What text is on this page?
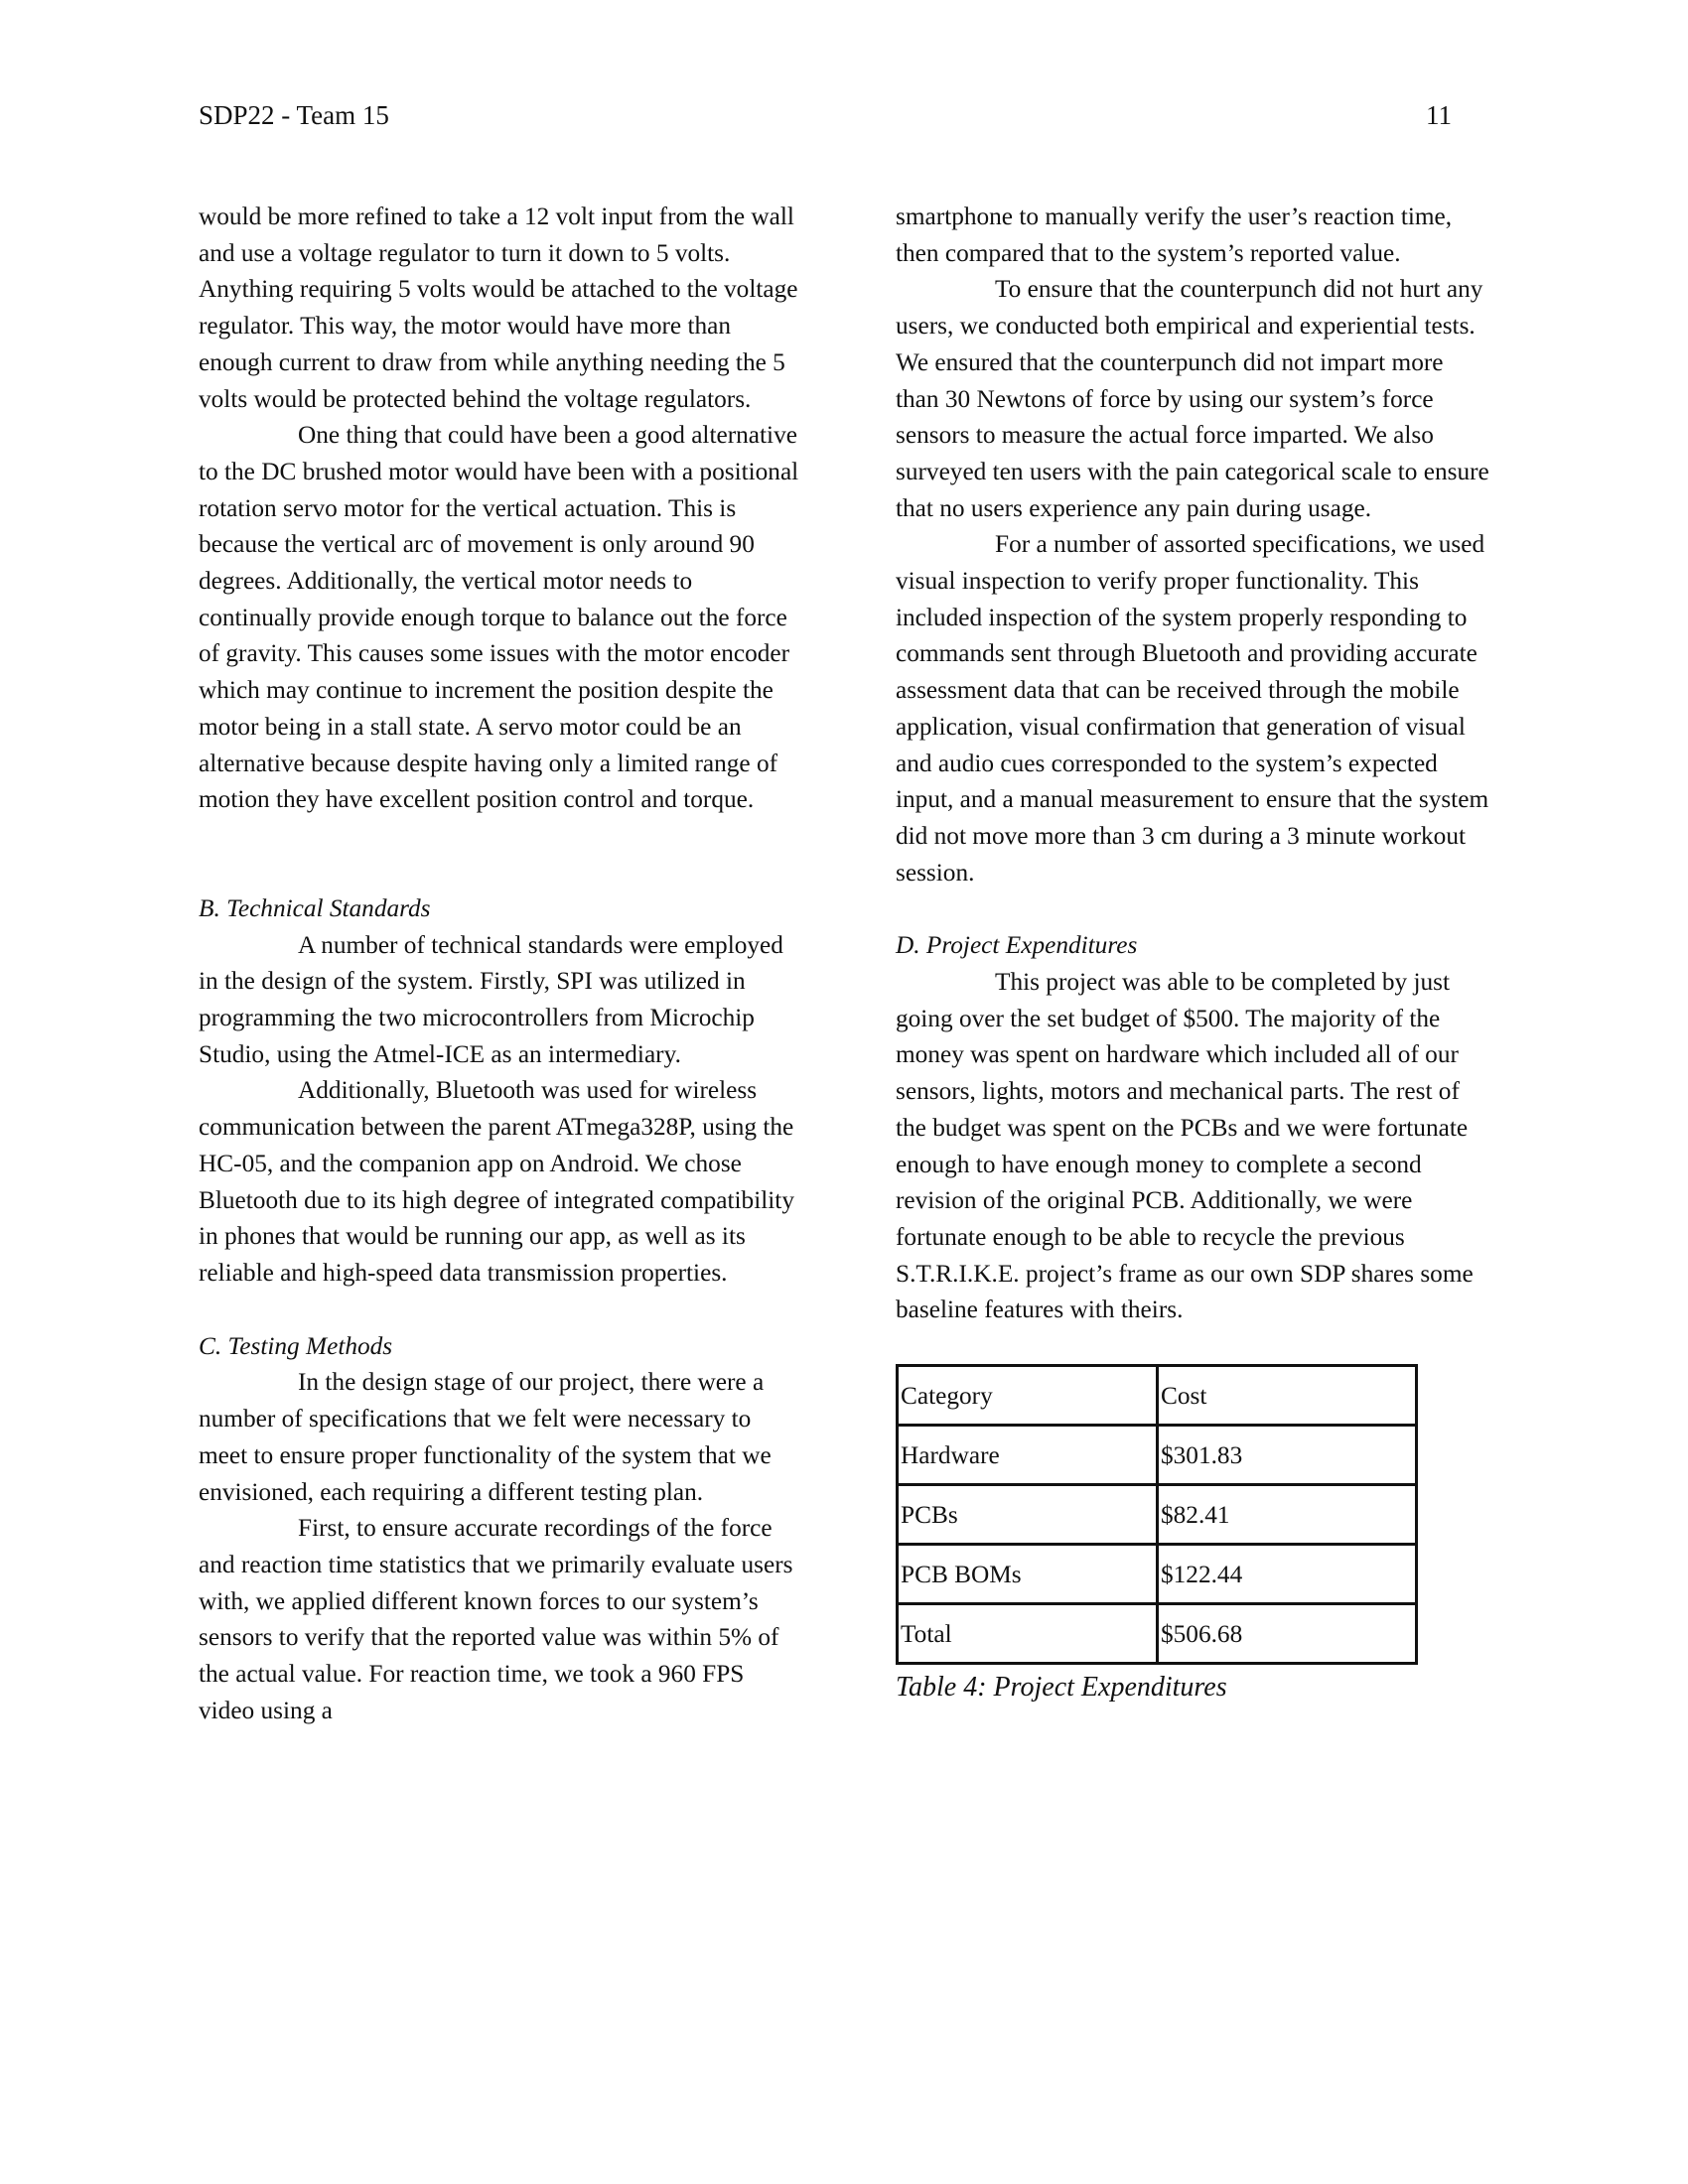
SDP22 - Team 15	11

would be more refined to take a 12 volt input from the wall and use a voltage regulator to turn it down to 5 volts. Anything requiring 5 volts would be attached to the voltage regulator. This way, the motor would have more than enough current to draw from while anything needing the 5 volts would be protected behind the voltage regulators.

One thing that could have been a good alternative to the DC brushed motor would have been with a positional rotation servo motor for the vertical actuation. This is because the vertical arc of movement is only around 90 degrees. Additionally, the vertical motor needs to continually provide enough torque to balance out the force of gravity. This causes some issues with the motor encoder which may continue to increment the position despite the motor being in a stall state. A servo motor could be an alternative because despite having only a limited range of motion they have excellent position control and torque.

B. Technical Standards

A number of technical standards were employed in the design of the system. Firstly, SPI was utilized in programming the two microcontrollers from Microchip Studio, using the Atmel-ICE as an intermediary.

Additionally, Bluetooth was used for wireless communication between the parent ATmega328P, using the HC-05, and the companion app on Android. We chose Bluetooth due to its high degree of integrated compatibility in phones that would be running our app, as well as its reliable and high-speed data transmission properties.

C. Testing Methods

In the design stage of our project, there were a number of specifications that we felt were necessary to meet to ensure proper functionality of the system that we envisioned, each requiring a different testing plan.

First, to ensure accurate recordings of the force and reaction time statistics that we primarily evaluate users with, we applied different known forces to our system’s sensors to verify that the reported value was within 5% of the actual value. For reaction time, we took a 960 FPS video using a

smartphone to manually verify the user’s reaction time, then compared that to the system’s reported value.

To ensure that the counterpunch did not hurt any users, we conducted both empirical and experiential tests. We ensured that the counterpunch did not impart more than 30 Newtons of force by using our system’s force sensors to measure the actual force imparted. We also surveyed ten users with the pain categorical scale to ensure that no users experience any pain during usage.

For a number of assorted specifications, we used visual inspection to verify proper functionality. This included inspection of the system properly responding to commands sent through Bluetooth and providing accurate assessment data that can be received through the mobile application, visual confirmation that generation of visual and audio cues corresponded to the system’s expected input, and a manual measurement to ensure that the system did not move more than 3 cm during a 3 minute workout session.

D. Project Expenditures

This project was able to be completed by just going over the set budget of $500. The majority of the money was spent on hardware which included all of our sensors, lights, motors and mechanical parts. The rest of the budget was spent on the PCBs and we were fortunate enough to have enough money to complete a second revision of the original PCB. Additionally, we were fortunate enough to be able to recycle the previous S.T.R.I.K.E. project’s frame as our own SDP shares some baseline features with theirs.

Category	Cost
Hardware	$301.83
PCBs	$82.41
PCB BOMs	$122.44
Total	$506.68
Table 4: Project Expenditures
